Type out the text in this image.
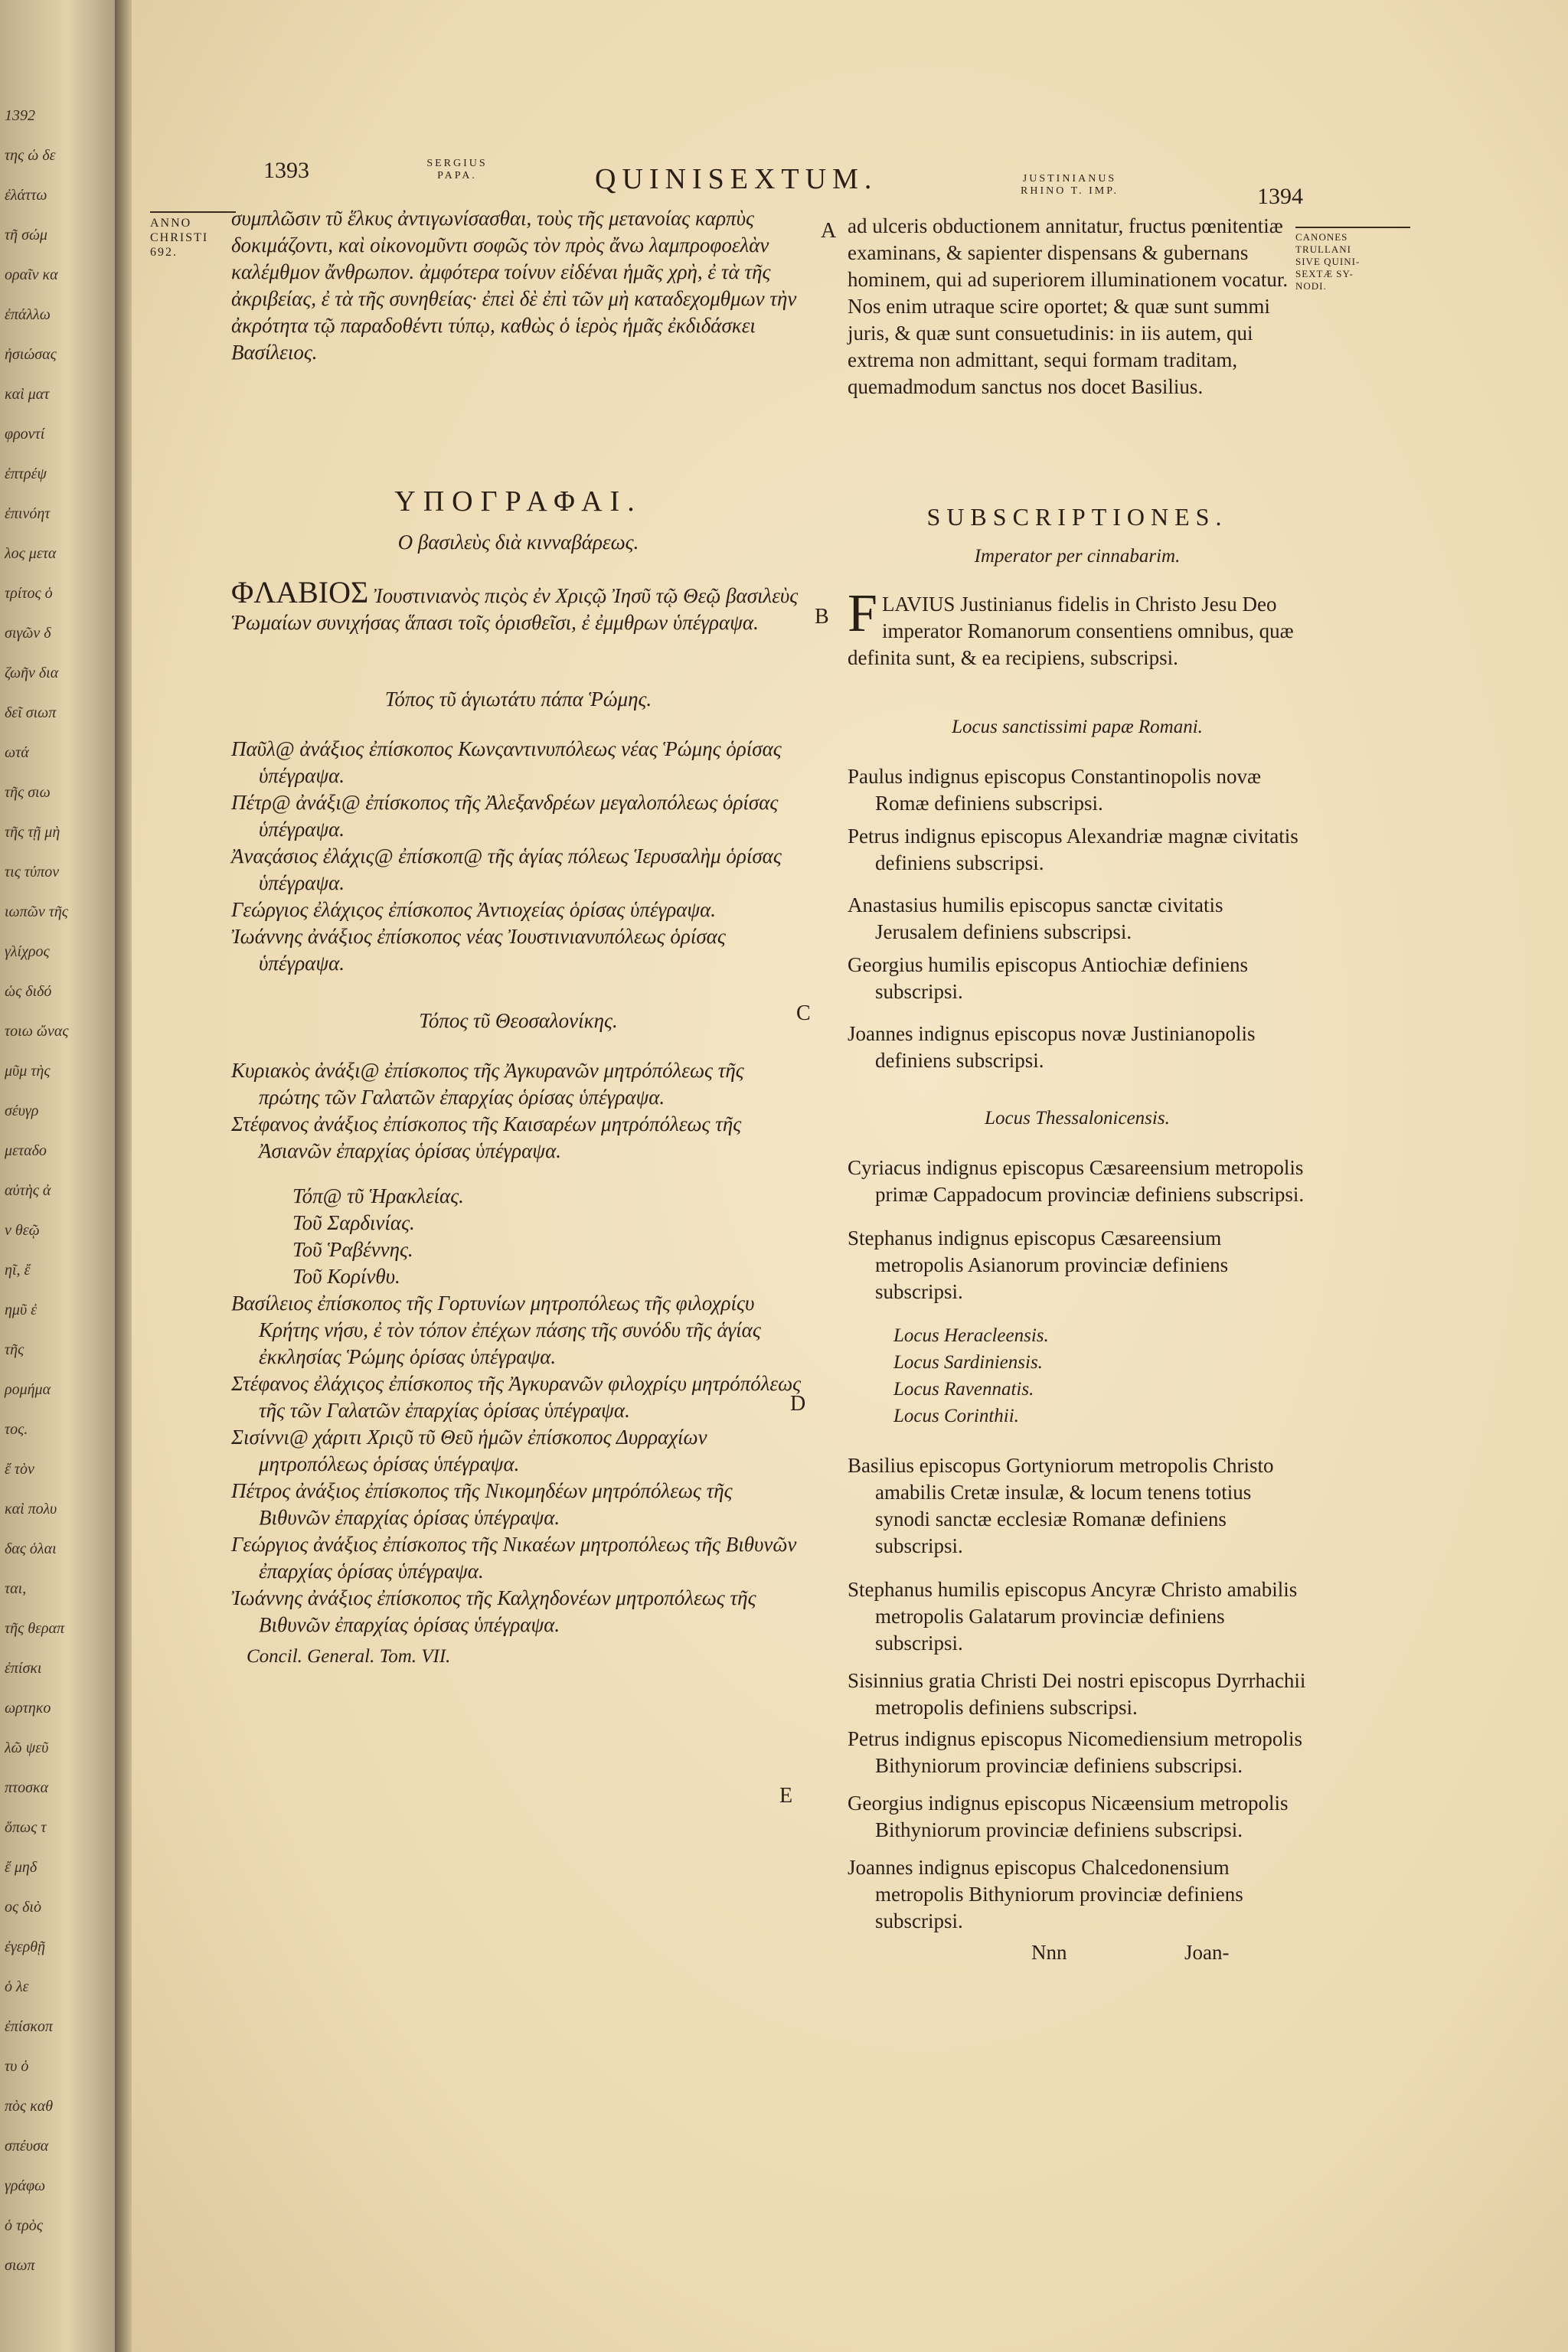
1392
της ὡ δε
ἐλάττω
τῆ σώμ
οραῖν κα
ἐπάλλω
ἠσιώσας
καὶ ματ
φροντί
ἐπτρέψ
ἐπινόητ
λος μετα
τρίτος ὁ
σιγῶν δ
ζωῆν δια
δεῖ σιωπ
ωτά
τῆς σιω
τῆς τῇ μὴ
τις τύπον
ιωπῶν τῆς
γλίχρος
ὡς διδό
τοιω ὤνας
μῦμ τὴς
σέυγρ
μεταδο
αὐτὴς ἀ
ν θεῷ
ηῖ, ἔ
ημῦ ἐ
τῆς
ρομήμα
τος.
ἔ τὸν
καὶ πολυ
δας ὁλαι
ται,
τῆς θεραπ
ἐπίσκι
ωρτηκο
λῶ ψεῦ
πτοσκα
ὅπως τ
ἔ μηδ
ος διὸ
ἐγερθῇ
ὁ λε
ἐπίσκοπ
τυ ὁ
πὸς καθ
σπέυσα
γράφω
ὁ τρὸς
σιωπ
1393	SERGIUS
PAPA.	QUINISEXTUM.	JUSTINIANUS
RHINO T. IMP.	1394
ANNO
CHRISTI
692.
CANONES
TRULLANI
SIVE QUINI-
SEXTÆ SY-
NODI.
A
B
C
D
E

συμπλῶσιν τῦ ἕλκυς ἀντιγωνίσασθαι, τοὺς τῆς μετανοίας καρπὺς δοκιμάζοντι, καὶ οἰκονομῦντι σοφῶς τὸν πρὸς ἄνω λαμπροφοελὰν καλέμθμον ἄνθρωπον. ἀμφότερα τοίνυν εἰδέναι ἡμᾶς χρὴ, ἐ τὰ τῆς ἀκριβείας, ἐ τὰ τῆς συνηθείας· ἐπεὶ δὲ ἐπὶ τῶν μὴ καταδεχομθμων τὴν ἀκρότητα τῷ παραδοθέντι τύπῳ, καθὼς ὁ ἱερὸς ἡμᾶς ἐκδιδάσκει Βασίλειος.

ΥΠΟΓΡΑΦΑΙ.
Ο βασιλεὺς διὰ κινναβάρεως.

ΦΛΑΒΙΟΣ Ἰουστινιανὸς πιςὸς ἐν Χριςῷ Ἰησῦ τῷ Θεῷ βασιλεὺς Ῥωμαίων συνιχήσας ἅπασι τοῖς ὁρισθεῖσι, ἐ ἐμμθρων ὑπέγραψα.

Τόπος τῦ ἁγιωτάτυ πάπα Ῥώμης.

Παῦλ@ ἀνάξιος ἐπίσκοπος Κωνςαντινυπόλεως νέας Ῥώμης ὁρίσας ὑπέγραψα.

Πέτρ@ ἀνάξι@ ἐπίσκοπος τῆς Ἀλεξανδρέων μεγαλοπόλεως ὁρίσας ὑπέγραψα.

Ἀναςάσιος ἐλάχις@ ἐπίσκοπ@ τῆς ἁγίας πόλεως Ἱερυσαλὴμ ὁρίσας ὑπέγραψα.

Γεώργιος ἐλάχιςος ἐπίσκοπος Ἀντιοχείας ὁρίσας ὑπέγραψα.

Ἰωάννης ἀνάξιος ἐπίσκοπος νέας Ἰουστινιανυπόλεως ὁρίσας ὑπέγραψα.

Τόπος τῦ Θεοσαλονίκης.

Κυριακὸς ἀνάξι@ ἐπίσκοπος τῆς Ἀγκυρανῶν μητρόπόλεως τῆς πρώτης τῶν Γαλατῶν ἐπαρχίας ὁρίσας ὑπέγραψα.

Στέφανος ἀνάξιος ἐπίσκοπος τῆς Καισαρέων μητρόπόλεως τῆς Ἀσιανῶν ἐπαρχίας ὁρίσας ὑπέγραψα.

Τόπ@ τῦ Ἡρακλείας.
Τοῦ Σαρδινίας.
Τοῦ Ῥαβέννης.
Τοῦ Κορίνθυ.

Βασίλειος ἐπίσκοπος τῆς Γορτυνίων μητροπόλεως τῆς φιλοχρίςυ Κρήτης νήσυ, ἐ τὸν τόπον ἐπέχων πάσης τῆς συνόδυ τῆς ἁγίας ἐκκλησίας Ῥώμης ὁρίσας ὑπέγραψα.

Στέφανος ἐλάχιςος ἐπίσκοπος τῆς Ἀγκυρανῶν φιλοχρίςυ μητρόπόλεως τῆς τῶν Γαλατῶν ἐπαρχίας ὁρίσας ὑπέγραψα.

Σισίννι@ χάριτι Χριςῦ τῦ Θεῦ ἡμῶν ἐπίσκοπος Δυρραχίων μητροπόλεως ὁρίσας ὑπέγραψα.

Πέτρος ἀνάξιος ἐπίσκοπος τῆς Νικομηδέων μητρόπόλεως τῆς Βιθυνῶν ἐπαρχίας ὁρίσας ὑπέγραψα.

Γεώργιος ἀνάξιος ἐπίσκοπος τῆς Νικαέων μητροπόλεως τῆς Βιθυνῶν ἐπαρχίας ὁρίσας ὑπέγραψα.

Ἰωάννης ἀνάξιος ἐπίσκοπος τῆς Καλχηδονέων μητροπόλεως τῆς Βιθυνῶν ἐπαρχίας ὁρίσας ὑπέγραψα.

Concil. General. Tom. VII.

ad ulceris obductionem annitatur, fructus pœnitentiæ examinans, & sapienter dispensans & gubernans hominem, qui ad superiorem illuminationem vocatur. Nos enim utraque scire oportet; & quæ sunt summi juris, & quæ sunt consuetudinis: in iis autem, qui extrema non admittant, sequi formam traditam, quemadmodum sanctus nos docet Basilius.

SUBSCRIPTIONES.
Imperator per cinnabarim.

F LAVIUS Justinianus fidelis in Christo Jesu Deo imperator Romanorum consentiens omnibus, quæ definita sunt, & ea recipiens, subscripsi.

Locus sanctissimi papæ Romani.

Paulus indignus episcopus Constantinopolis novæ Romæ definiens subscripsi.

Petrus indignus episcopus Alexandriæ magnæ civitatis definiens subscripsi.

Anastasius humilis episcopus sanctæ civitatis Jerusalem definiens subscripsi.

Georgius humilis episcopus Antiochiæ definiens subscripsi.

Joannes indignus episcopus novæ Justinianopolis definiens subscripsi.

Locus Thessalonicensis.

Cyriacus indignus episcopus Cæsareensium metropolis primæ Cappadocum provinciæ definiens subscripsi.

Stephanus indignus episcopus Cæsareensium metropolis Asianorum provinciæ definiens subscripsi.

Locus Heracleensis.
Locus Sardiniensis.
Locus Ravennatis.
Locus Corinthii.

Basilius episcopus Gortyniorum metropolis Christo amabilis Cretæ insulæ, & locum tenens totius synodi sanctæ ecclesiæ Romanæ definiens subscripsi.

Stephanus humilis episcopus Ancyræ Christo amabilis metropolis Galatarum provinciæ definiens subscripsi.

Sisinnius gratia Christi Dei nostri episcopus Dyrrhachii metropolis definiens subscripsi.

Petrus indignus episcopus Nicomediensium metropolis Bithyniorum provinciæ definiens subscripsi.

Georgius indignus episcopus Nicæensium metropolis Bithyniorum provinciæ definiens subscripsi.

Joannes indignus episcopus Chalcedonensium metropolis Bithyniorum provinciæ definiens subscripsi.

Nnn	Joan-
